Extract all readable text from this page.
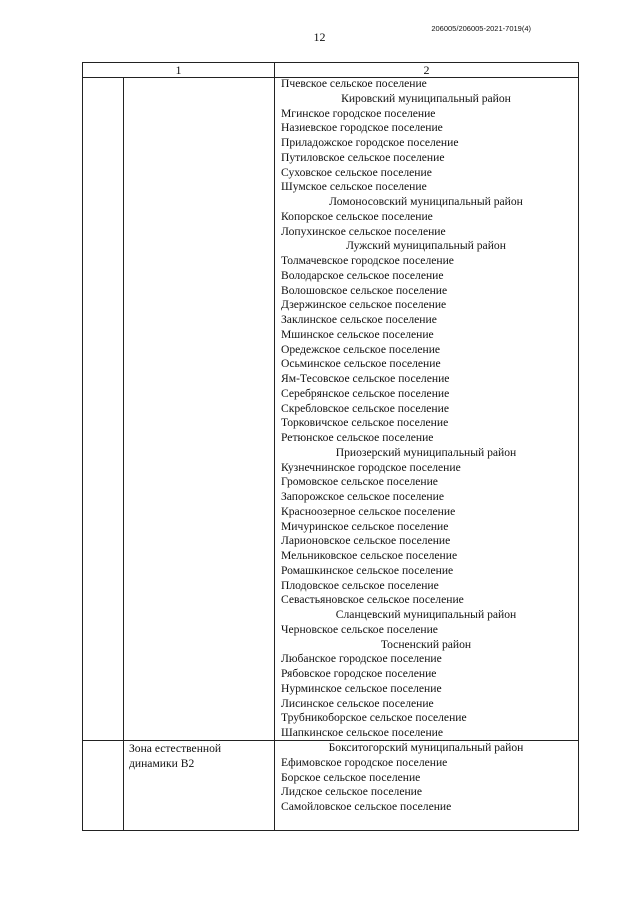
12
206005/206005-2021-7019(4)
1	2
Пчевское сельское поселение
Кировский муниципальный район
Мгинское городское поселение
Назиевское городское поселение
Приладожское городское поселение
Путиловское сельское поселение
Суховское сельское поселение
Шумское сельское поселение
Ломоносовский муниципальный район
Копорское сельское поселение
Лопухинское сельское поселение
Лужский муниципальный район
Толмачевское городское поселение
Володарское сельское поселение
Волошовское сельское поселение
Дзержинское сельское поселение
Заклинское сельское поселение
Мшинское сельское поселение
Оредежское сельское поселение
Осьминское сельское поселение
Ям-Тесовское сельское поселение
Серебрянское сельское поселение
Скребловское сельское поселение
Торковичское сельское поселение
Ретюнское сельское поселение
Приозерский муниципальный район
Кузнечнинское городское поселение
Громовское сельское поселение
Запорожское сельское поселение
Красноозерное сельское поселение
Мичуринское сельское поселение
Ларионовское сельское поселение
Мельниковское сельское поселение
Ромашкинское сельское поселение
Плодовское сельское поселение
Севастьяновское сельское поселение
Сланцевский муниципальный район
Черновское сельское поселение
Тосненский район
Любанское городское поселение
Рябовское городское поселение
Нурминское сельское поселение
Лисинское сельское поселение
Трубникоборское сельское поселение
Шапкинское сельское поселение
Зона естественной динамики В2
Бокситогорский муниципальный район
Ефимовское городское поселение
Борское сельское поселение
Лидское сельское поселение
Самойловское сельское поселение
